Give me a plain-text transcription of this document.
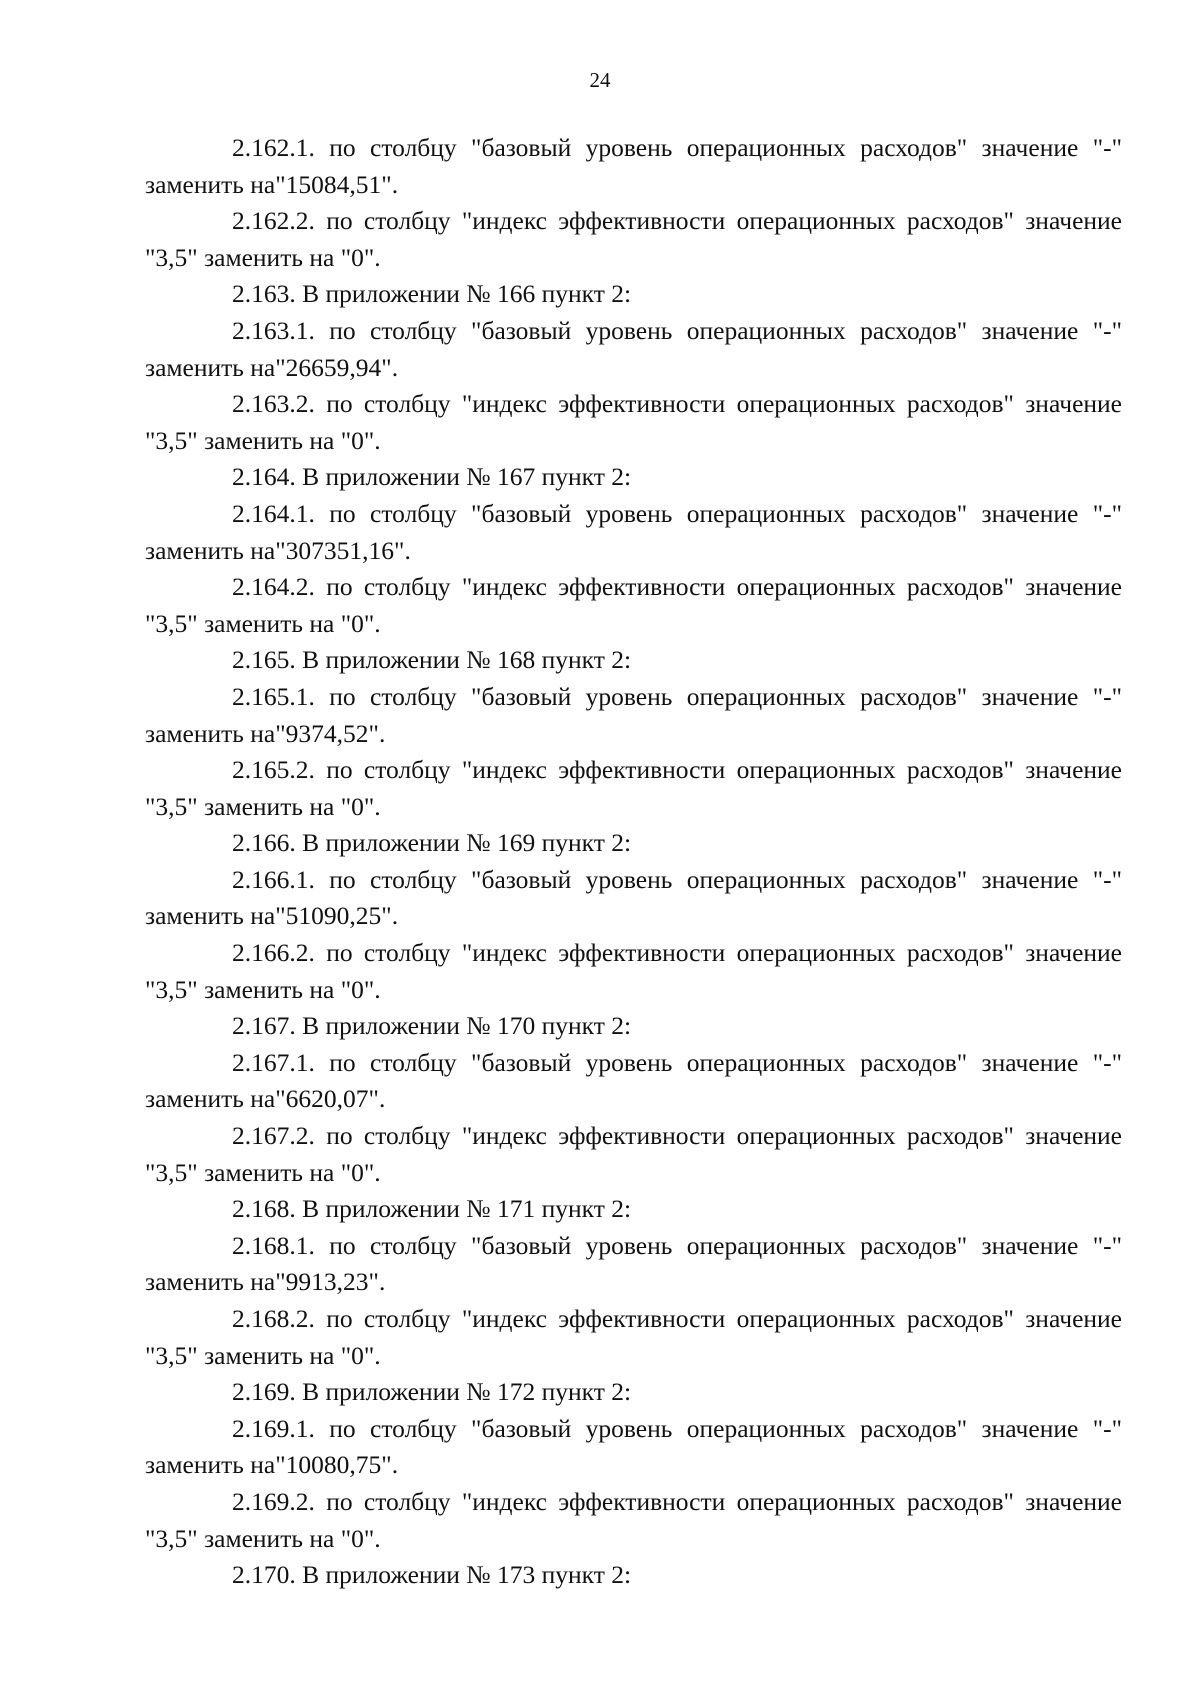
24

2.162.1. по столбцу "базовый уровень операционных расходов" значение "-" заменить на"15084,51".

2.162.2. по столбцу "индекс эффективности операционных расходов" значение "3,5" заменить на "0".

2.163. В приложении № 166 пункт 2:

2.163.1. по столбцу "базовый уровень операционных расходов" значение "-" заменить на"26659,94".

2.163.2. по столбцу "индекс эффективности операционных расходов" значение "3,5" заменить на "0".

2.164. В приложении № 167 пункт 2:

2.164.1. по столбцу "базовый уровень операционных расходов" значение "-" заменить на"307351,16".

2.164.2. по столбцу "индекс эффективности операционных расходов" значение "3,5" заменить на "0".

2.165. В приложении № 168 пункт 2:

2.165.1. по столбцу "базовый уровень операционных расходов" значение "-" заменить на"9374,52".

2.165.2. по столбцу "индекс эффективности операционных расходов" значение "3,5" заменить на "0".

2.166. В приложении № 169 пункт 2:

2.166.1. по столбцу "базовый уровень операционных расходов" значение "-" заменить на"51090,25".

2.166.2. по столбцу "индекс эффективности операционных расходов" значение "3,5" заменить на "0".

2.167. В приложении № 170 пункт 2:

2.167.1. по столбцу "базовый уровень операционных расходов" значение "-" заменить на"6620,07".

2.167.2. по столбцу "индекс эффективности операционных расходов" значение "3,5" заменить на "0".

2.168. В приложении № 171 пункт 2:

2.168.1. по столбцу "базовый уровень операционных расходов" значение "-" заменить на"9913,23".

2.168.2. по столбцу "индекс эффективности операционных расходов" значение "3,5" заменить на "0".

2.169. В приложении № 172 пункт 2:

2.169.1. по столбцу "базовый уровень операционных расходов" значение "-" заменить на"10080,75".

2.169.2. по столбцу "индекс эффективности операционных расходов" значение "3,5" заменить на "0".

2.170. В приложении № 173 пункт 2:
